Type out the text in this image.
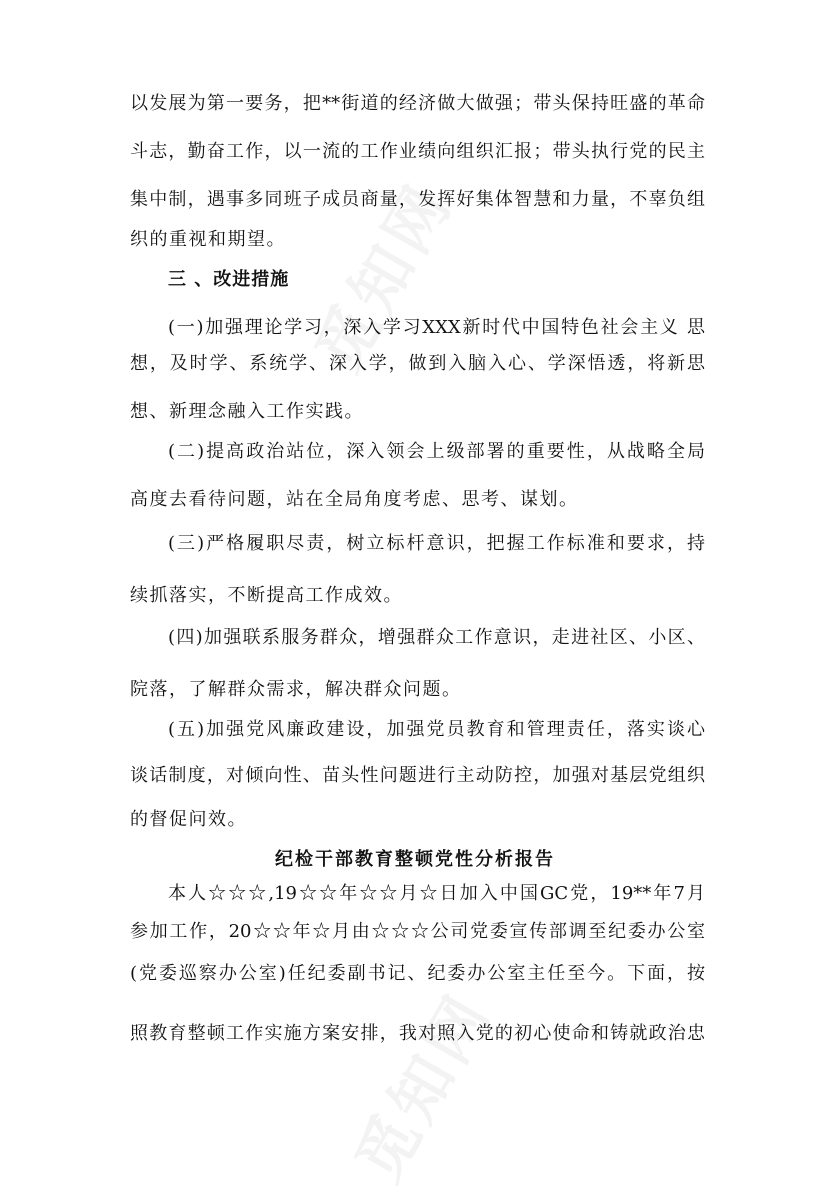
以发展为第一要务，把**街道的经济做大做强；带头保持旺盛的革命
斗志，勤奋工作，以一流的工作业绩向组织汇报；带头执行党的民主
集中制，遇事多同班子成员商量，发挥好集体智慧和力量，不辜负组
织的重视和期望。
三 、改进措施
(一)加强理论学习，深入学习XXX新时代中国特色社会主义 思
想，及时学、系统学、深入学，做到入脑入心、学深悟透，将新思
想、新理念融入工作实践。
(二)提高政治站位，深入领会上级部署的重要性，从战略全局
高度去看待问题，站在全局角度考虑、思考、谋划。
(三)严格履职尽责，树立标杆意识，把握工作标准和要求，持
续抓落实，不断提高工作成效。
(四)加强联系服务群众，增强群众工作意识，走进社区、小区、
院落，了解群众需求，解决群众问题。
(五)加强党风廉政建设，加强党员教育和管理责任，落实谈心
谈话制度，对倾向性、苗头性问题进行主动防控，加强对基层党组织
的督促问效。
纪检干部教育整顿党性分析报告
本人☆☆☆,19☆☆年☆☆月☆日加入中国GC党，19**年7月
参加工作，20☆☆年☆月由☆☆☆公司党委宣传部调至纪委办公室
(党委巡察办公室)任纪委副书记、纪委办公室主任至今。下面，按
照教育整顿工作实施方案安排，我对照入党的初心使命和铸就政治忠
